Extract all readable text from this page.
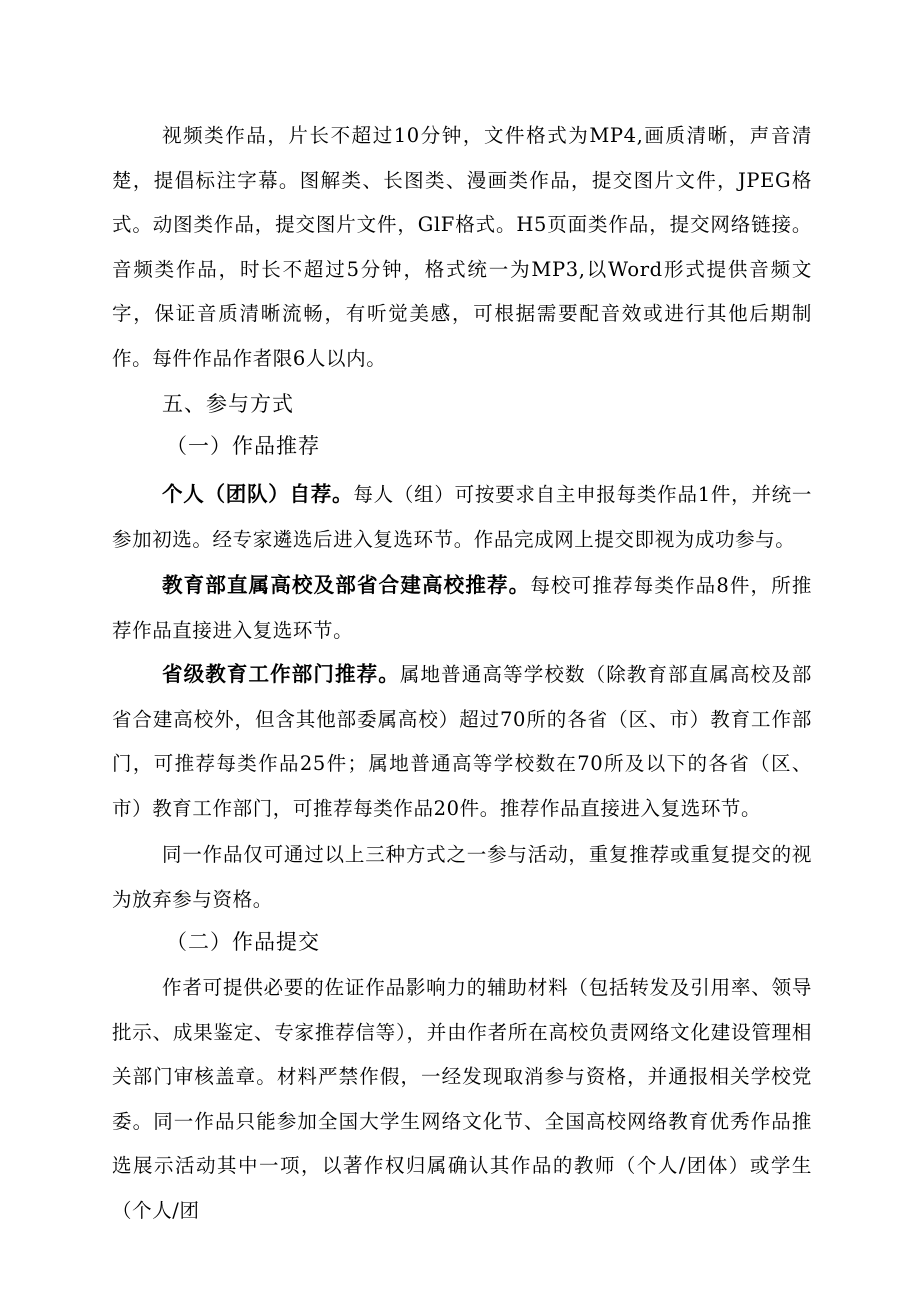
视频类作品，片长不超过10分钟，文件格式为MP4,画质清晰，声音清楚，提倡标注字幕。图解类、长图类、漫画类作品，提交图片文件，JPEG格式。动图类作品，提交图片文件，GlF格式。H5页面类作品，提交网络链接。音频类作品，时长不超过5分钟，格式统一为MP3,以Word形式提供音频文字，保证音质清晰流畅，有听觉美感，可根据需要配音效或进行其他后期制作。每件作品作者限6人以内。

五、参与方式

（一）作品推荐

个人（团队）自荐。每人（组）可按要求自主申报每类作品1件，并统一参加初选。经专家遴选后进入复选环节。作品完成网上提交即视为成功参与。

教育部直属高校及部省合建高校推荐。每校可推荐每类作品8件，所推荐作品直接进入复选环节。

省级教育工作部门推荐。属地普通高等学校数（除教育部直属高校及部省合建高校外，但含其他部委属高校）超过70所的各省（区、市）教育工作部门，可推荐每类作品25件；属地普通高等学校数在70所及以下的各省（区、市）教育工作部门，可推荐每类作品20件。推荐作品直接进入复选环节。

同一作品仅可通过以上三种方式之一参与活动，重复推荐或重复提交的视为放弃参与资格。

（二）作品提交

作者可提供必要的佐证作品影响力的辅助材料（包括转发及引用率、领导批示、成果鉴定、专家推荐信等），并由作者所在高校负责网络文化建设管理相关部门审核盖章。材料严禁作假，一经发现取消参与资格，并通报相关学校党委。同一作品只能参加全国大学生网络文化节、全国高校网络教育优秀作品推选展示活动其中一项，以著作权归属确认其作品的教师（个人/团体）或学生（个人/团
